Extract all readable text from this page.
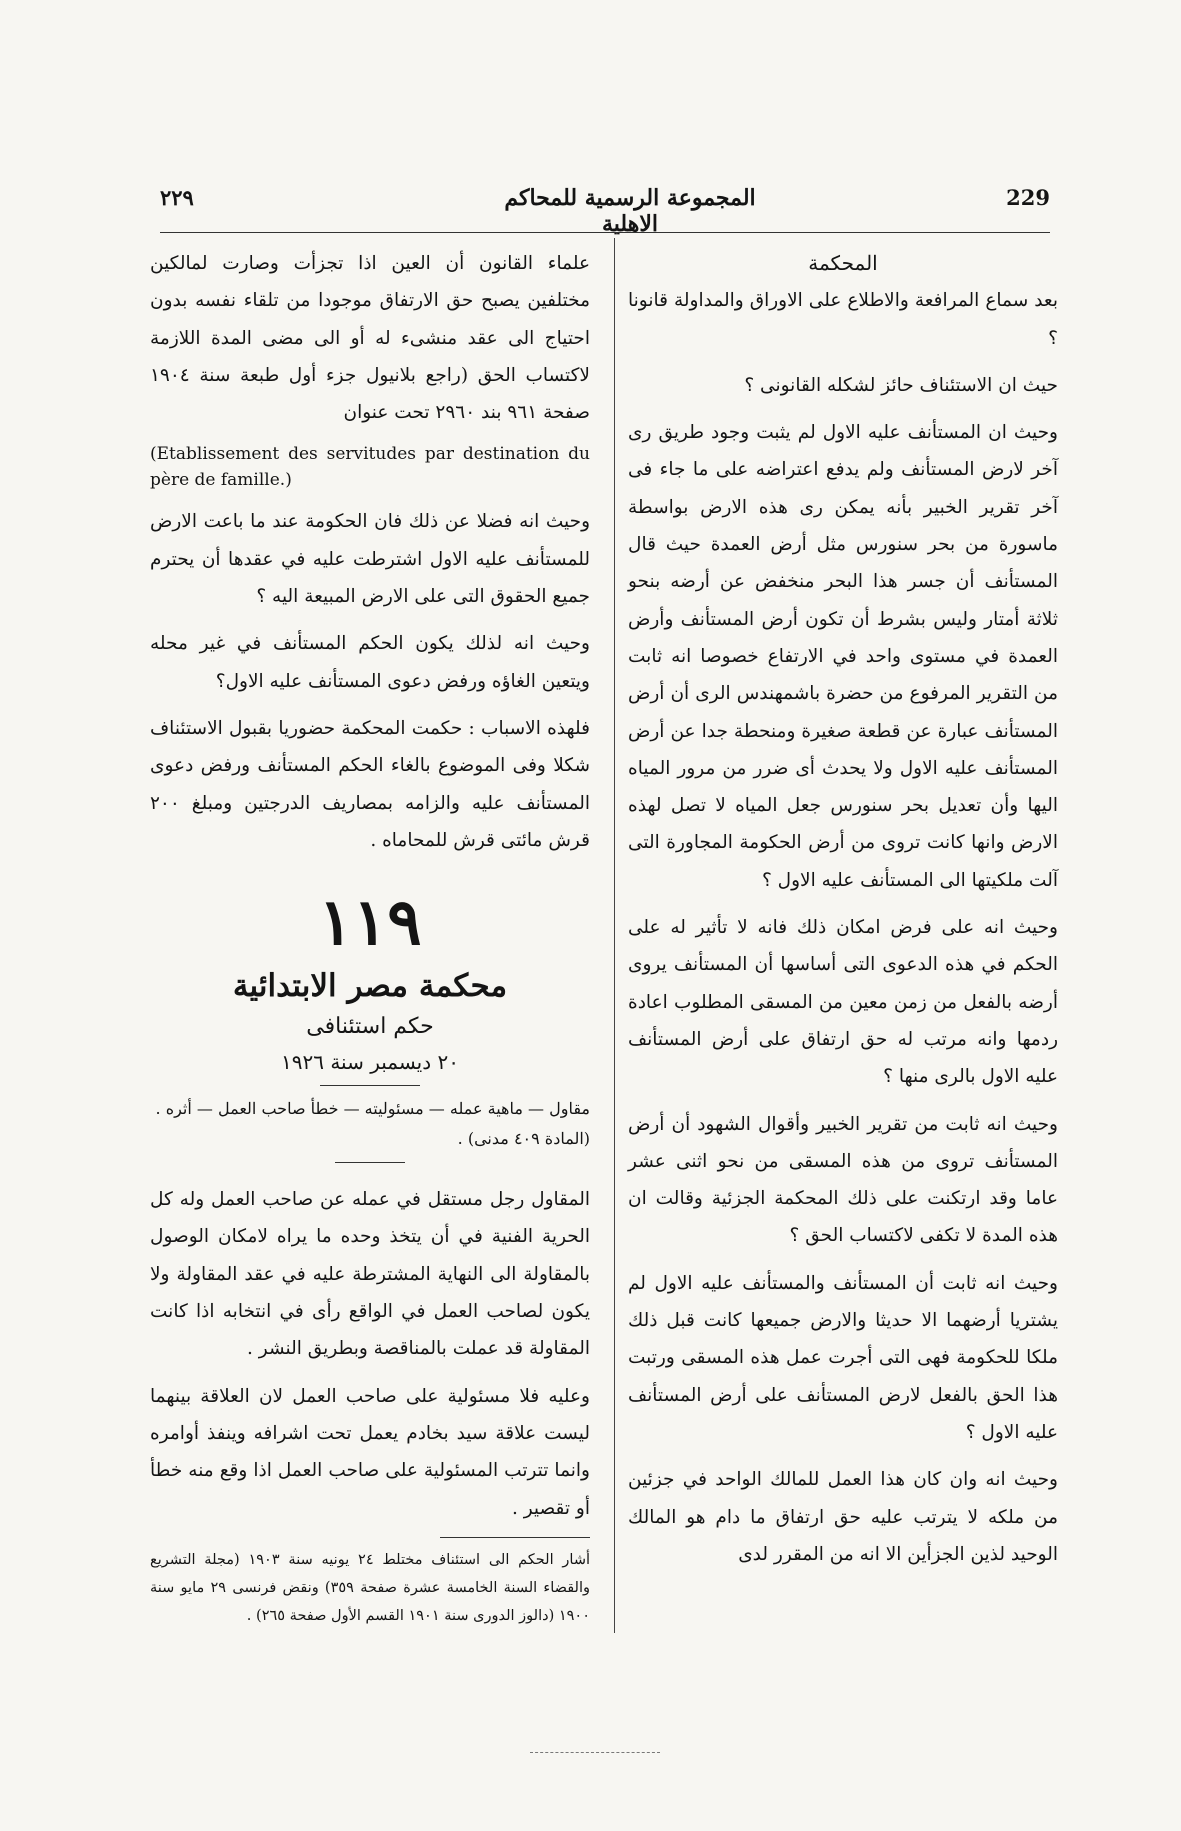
٢٢٩	المجموعة الرسمية للمحاكم الاهلية
229

المحكمة

بعد سماع المرافعة والاطلاع على الاوراق والمداولة قانونا ؟

حيث ان الاستئناف حائز لشكله القانونى ؟

وحيث ان المستأنف عليه الاول لم يثبت وجود طريق رى آخر لارض المستأنف ولم يدفع اعتراضه على ما جاء فى آخر تقرير الخبير بأنه يمكن رى هذه الارض بواسطة ماسورة من بحر سنورس مثل أرض العمدة حيث قال المستأنف أن جسر هذا البحر منخفض عن أرضه بنحو ثلاثة أمتار وليس بشرط أن تكون أرض المستأنف وأرض العمدة في مستوى واحد في الارتفاع خصوصا انه ثابت من التقرير المرفوع من حضرة باشمهندس الرى أن أرض المستأنف عبارة عن قطعة صغيرة ومنحطة جدا عن أرض المستأنف عليه الاول ولا يحدث أى ضرر من مرور المياه اليها وأن تعديل بحر سنورس جعل المياه لا تصل لهذه الارض وانها كانت تروى من أرض الحكومة المجاورة التى آلت ملكيتها الى المستأنف عليه الاول ؟

وحيث انه على فرض امكان ذلك فانه لا تأثير له على الحكم في هذه الدعوى التى أساسها أن المستأنف يروى أرضه بالفعل من زمن معين من المسقى المطلوب اعادة ردمها وانه مرتب له حق ارتفاق على أرض المستأنف عليه الاول بالرى منها ؟

وحيث انه ثابت من تقرير الخبير وأقوال الشهود أن أرض المستأنف تروى من هذه المسقى من نحو اثنى عشر عاما وقد ارتكنت على ذلك المحكمة الجزئية وقالت ان هذه المدة لا تكفى لاكتساب الحق ؟

وحيث انه ثابت أن المستأنف والمستأنف عليه الاول لم يشتريا أرضهما الا حديثا والارض جميعها كانت قبل ذلك ملكا للحكومة فهى التى أجرت عمل هذه المسقى ورتبت هذا الحق بالفعل لارض المستأنف على أرض المستأنف عليه الاول ؟

وحيث انه وان كان هذا العمل للمالك الواحد في جزئين من ملكه لا يترتب عليه حق ارتفاق ما دام هو المالك الوحيد لذين الجزأين الا انه من المقرر لدى

علماء القانون أن العين اذا تجزأت وصارت لمالكين مختلفين يصبح حق الارتفاق موجودا من تلقاء نفسه بدون احتياج الى عقد منشىء له أو الى مضى المدة اللازمة لاكتساب الحق (راجع بلانيول جزء أول طبعة سنة ١٩٠٤ صفحة ٩٦١ بند ٢٩٦٠ تحت عنوان

(Etablissement des servitudes par destination du père de famille.)

وحيث انه فضلا عن ذلك فان الحكومة عند ما باعت الارض للمستأنف عليه الاول اشترطت عليه في عقدها أن يحترم جميع الحقوق التى على الارض المبيعة اليه ؟

وحيث انه لذلك يكون الحكم المستأنف في غير محله ويتعين الغاؤه ورفض دعوى المستأنف عليه الاول؟

فلهذه الاسباب : حكمت المحكمة حضوريا بقبول الاستئناف شكلا وفى الموضوع بالغاء الحكم المستأنف ورفض دعوى المستأنف عليه والزامه بمصاريف الدرجتين ومبلغ ٢٠٠ قرش مائتى قرش للمحاماه .

١١٩

محكمة مصر الابتدائية

حكم استئنافى

٢٠ ديسمبر سنة ١٩٢٦

مقاول — ماهية عمله — مسئوليته — خطأ صاحب العمل — أثره .

(المادة ٤٠٩ مدنى) .

المقاول رجل مستقل في عمله عن صاحب العمل وله كل الحرية الفنية في أن يتخذ وحده ما يراه لامكان الوصول بالمقاولة الى النهاية المشترطة عليه في عقد المقاولة ولا يكون لصاحب العمل في الواقع رأى في انتخابه اذا كانت المقاولة قد عملت بالمناقصة وبطريق النشر .

وعليه فلا مسئولية على صاحب العمل لان العلاقة بينهما ليست علاقة سيد بخادم يعمل تحت اشرافه وينفذ أوامره وانما تترتب المسئولية على صاحب العمل اذا وقع منه خطأ أو تقصير .

أشار الحكم الى استئناف مختلط ٢٤ يونيه سنة ١٩٠٣ (مجلة التشريع والقضاء السنة الخامسة عشرة صفحة ٣٥٩) ونقض فرنسى ٢٩ مايو سنة ١٩٠٠ (دالوز الدورى سنة ١٩٠١ القسم الأول صفحة ٢٦٥) .
